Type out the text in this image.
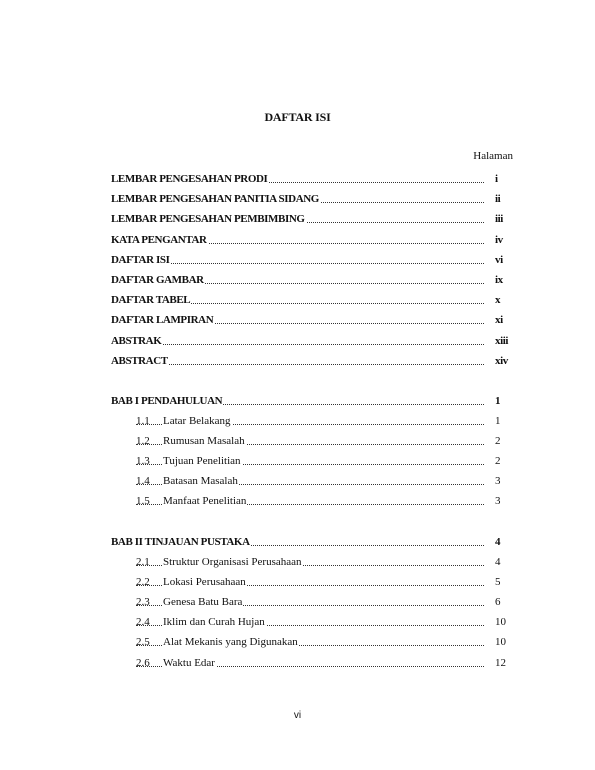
DAFTAR ISI
Halaman
LEMBAR PENGESAHAN PRODI	i
LEMBAR PENGESAHAN PANITIA SIDANG	ii
LEMBAR PENGESAHAN PEMBIMBING	iii
KATA PENGANTAR	iv
DAFTAR ISI	vi
DAFTAR GAMBAR	ix
DAFTAR TABEL	x
DAFTAR LAMPIRAN	xi
ABSTRAK	xiii
ABSTRACT	xiv
BAB I PENDAHULUAN	1
1.1	Latar Belakang	1
1.2	Rumusan Masalah	2
1.3	Tujuan Penelitian	2
1.4	Batasan Masalah	3
1.5	Manfaat Penelitian	3
BAB II TINJAUAN PUSTAKA	4
2.1	Struktur Organisasi Perusahaan	4
2.2	Lokasi Perusahaan	5
2.3	Genesa Batu Bara	6
2.4	Iklim dan Curah Hujan	10
2.5	Alat Mekanis yang Digunakan	10
2.6	Waktu Edar	12
vi
